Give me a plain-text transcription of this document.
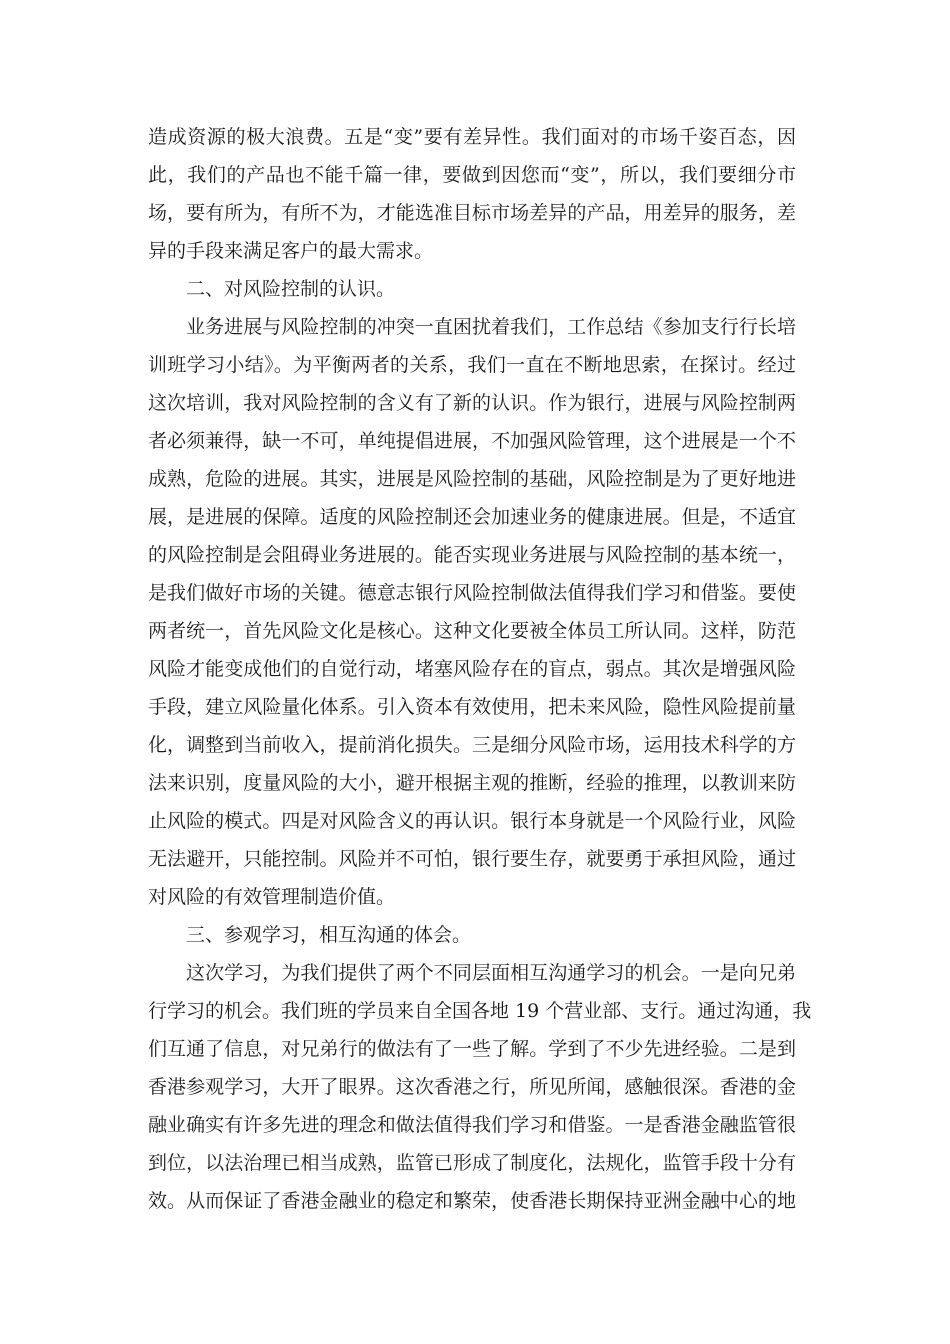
造成资源的极大浪费。五是“变”要有差异性。我们面对的市场千姿百态，因
此，我们的产品也不能千篇一律，要做到因您而“变”，所以，我们要细分市
场，要有所为，有所不为，才能选准目标市场差异的产品，用差异的服务，差
异的手段来满足客户的最大需求。
二、对风险控制的认识。
业务进展与风险控制的冲突一直困扰着我们，工作总结《参加支行行长培
训班学习小结》。为平衡两者的关系，我们一直在不断地思索，在探讨。经过
这次培训，我对风险控制的含义有了新的认识。作为银行，进展与风险控制两
者必须兼得，缺一不可，单纯提倡进展，不加强风险管理，这个进展是一个不
成熟，危险的进展。其实，进展是风险控制的基础，风险控制是为了更好地进
展，是进展的保障。适度的风险控制还会加速业务的健康进展。但是，不适宜
的风险控制是会阻碍业务进展的。能否实现业务进展与风险控制的基本统一，
是我们做好市场的关键。德意志银行风险控制做法值得我们学习和借鉴。要使
两者统一，首先风险文化是核心。这种文化要被全体员工所认同。这样，防范
风险才能变成他们的自觉行动，堵塞风险存在的盲点，弱点。其次是增强风险
手段，建立风险量化体系。引入资本有效使用，把未来风险，隐性风险提前量
化，调整到当前收入，提前消化损失。三是细分风险市场，运用技术科学的方
法来识别，度量风险的大小，避开根据主观的推断，经验的推理，以教训来防
止风险的模式。四是对风险含义的再认识。银行本身就是一个风险行业，风险
无法避开，只能控制。风险并不可怕，银行要生存，就要勇于承担风险，通过
对风险的有效管理制造价值。
三、参观学习，相互沟通的体会。
这次学习，为我们提供了两个不同层面相互沟通学习的机会。一是向兄弟
行学习的机会。我们班的学员来自全国各地 19 个营业部、支行。通过沟通，我
们互通了信息，对兄弟行的做法有了一些了解。学到了不少先进经验。二是到
香港参观学习，大开了眼界。这次香港之行，所见所闻，感触很深。香港的金
融业确实有许多先进的理念和做法值得我们学习和借鉴。一是香港金融监管很
到位，以法治理已相当成熟，监管已形成了制度化，法规化，监管手段十分有
效。从而保证了香港金融业的稳定和繁荣，使香港长期保持亚洲金融中心的地
